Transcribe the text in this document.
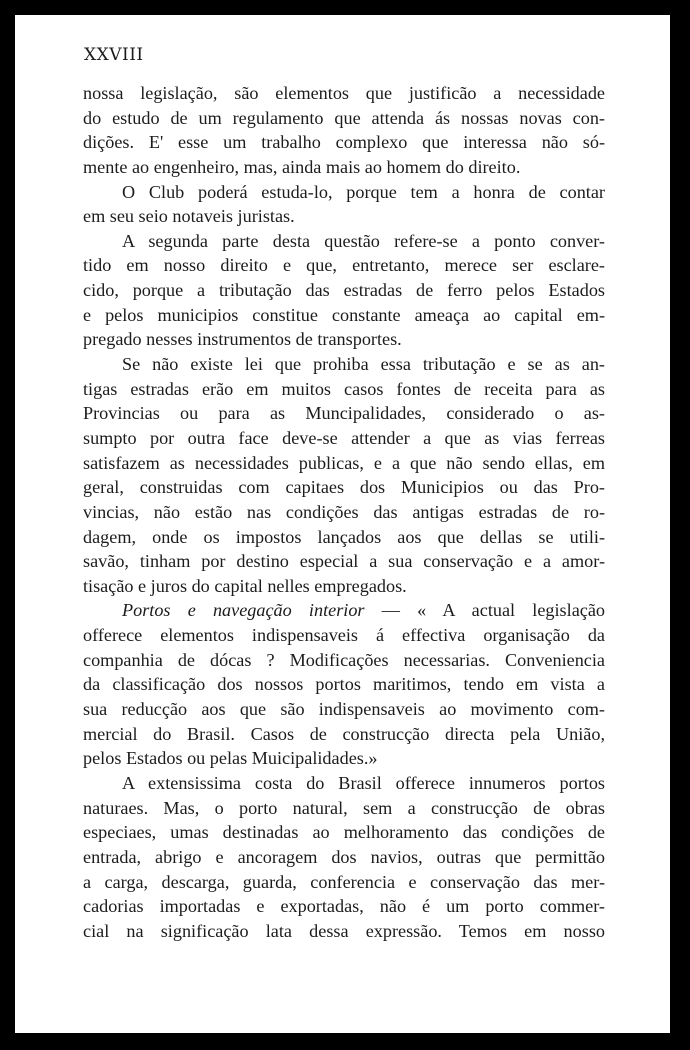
XXVIII
nossa legislação, são elementos que justificão a necessidade
do estudo de um regulamento que attenda ás nossas novas con-
dições. E' esse um trabalho complexo que interessa não só-
mente ao engenheiro, mas, ainda mais ao homem do direito.
O Club poderá estuda-lo, porque tem a honra de contar
em seu seio notaveis juristas.
A segunda parte desta questão refere-se a ponto conver-
tido em nosso direito e que, entretanto, merece ser esclare-
cido, porque a tributação das estradas de ferro pelos Estados
e pelos municipios constitue constante ameaça ao capital em-
pregado nesses instrumentos de transportes.
Se não existe lei que prohiba essa tributação e se as an-
tigas estradas erão em muitos casos fontes de receita para as
Provincias ou para as Muncipalidades, considerado o as-
sumpto por outra face deve-se attender a que as vias ferreas
satisfazem as necessidades publicas, e a que não sendo ellas, em
geral, construidas com capitaes dos Municipios ou das Pro-
vincias, não estão nas condições das antigas estradas de ro-
dagem, onde os impostos lançados aos que dellas se utili-
savão, tinham por destino especial a sua conservação e a amor-
tisação e juros do capital nelles empregados.
Portos e navegação interior — « A actual legislação
offerece elementos indispensaveis á effectiva organisação da
companhia de dócas ? Modificações necessarias. Conveniencia
da classificação dos nossos portos maritimos, tendo em vista a
sua reducção aos que são indispensaveis ao movimento com-
mercial do Brasil. Casos de construcção directa pela União,
pelos Estados ou pelas Muicipalidades.»
A extensissima costa do Brasil offerece innumeros portos
naturaes. Mas, o porto natural, sem a construcção de obras
especiaes, umas destinadas ao melhoramento das condições de
entrada, abrigo e ancoragem dos navios, outras que permittão
a carga, descarga, guarda, conferencia e conservação das mer-
cadorias importadas e exportadas, não é um porto commer-
cial na significação lata dessa expressão. Temos em nosso
